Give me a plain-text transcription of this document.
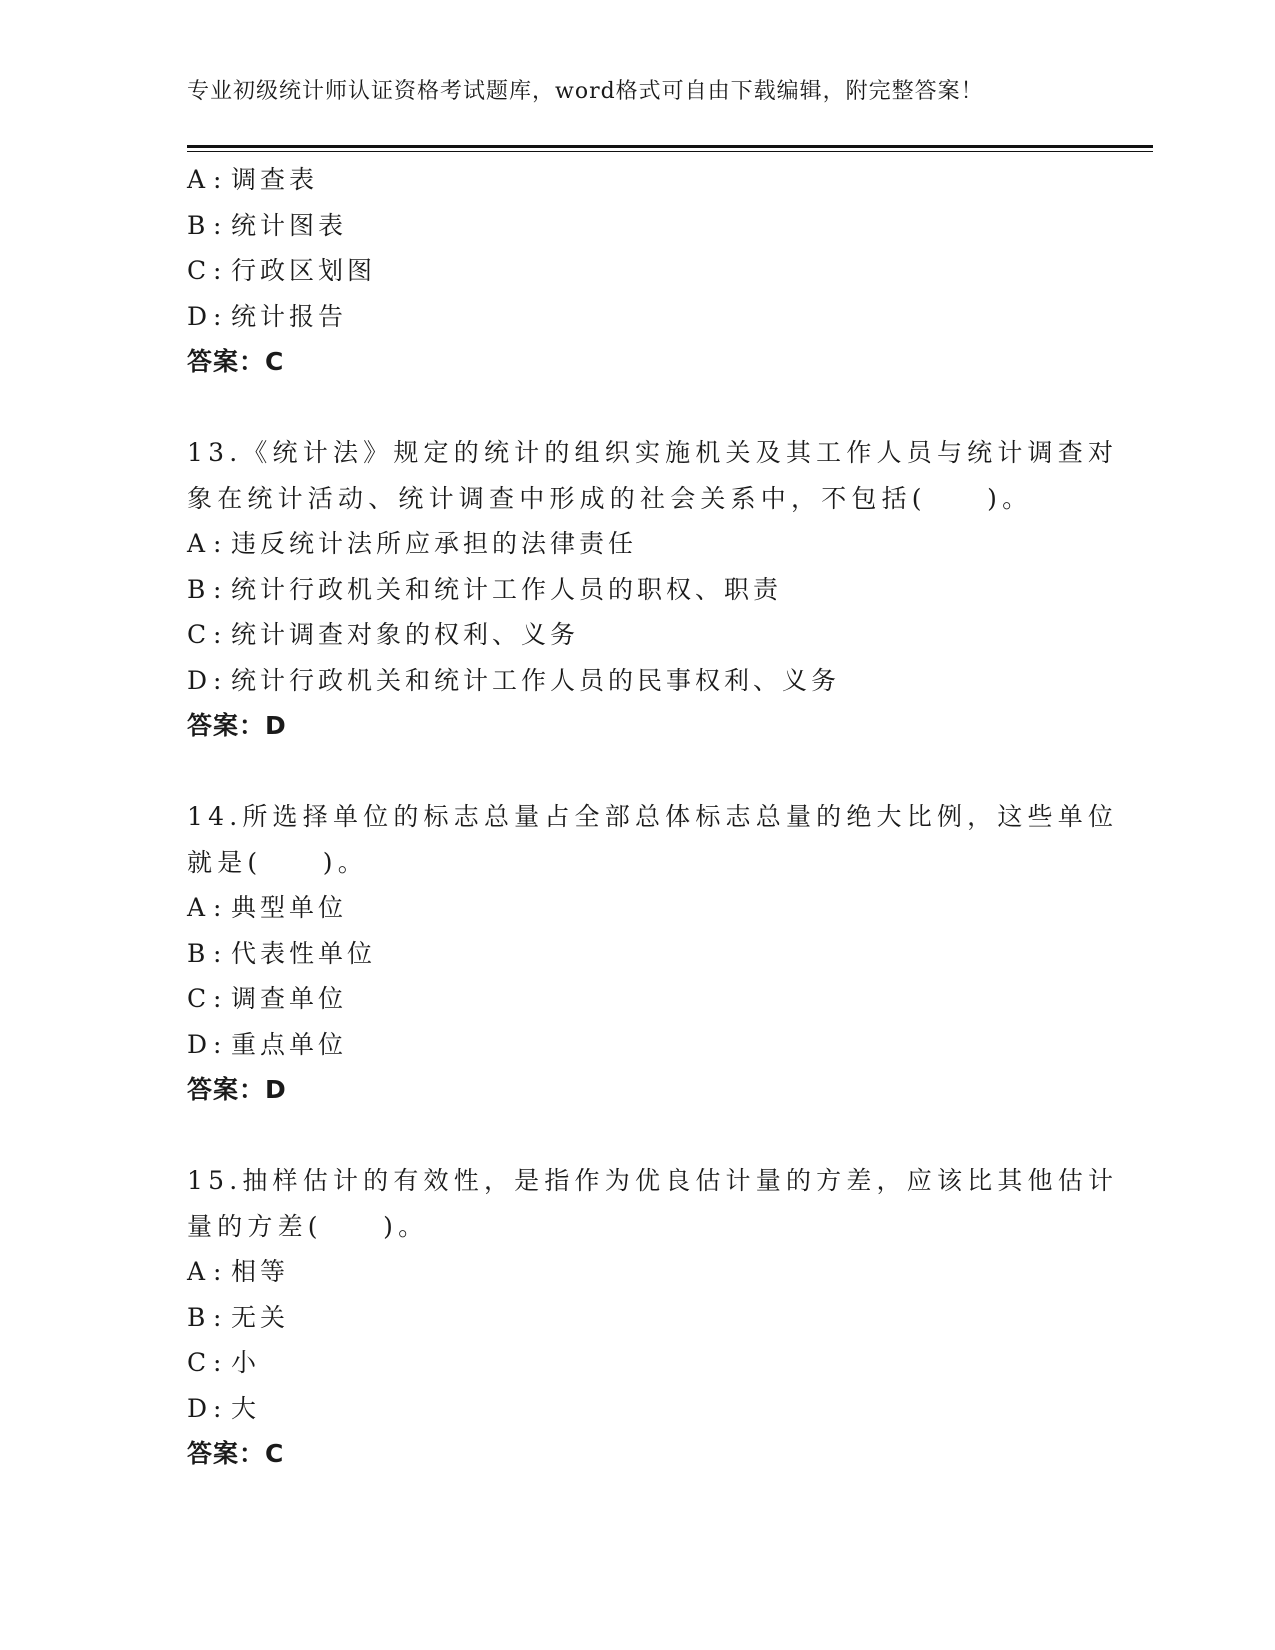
专业初级统计师认证资格考试题库，word格式可自由下载编辑，附完整答案！
A : 调查表
B : 统计图表
C : 行政区划图
D : 统计报告
答案：C
13.《统计法》规定的统计的组织实施机关及其工作人员与统计调查对
象在统计活动、统计调查中形成的社会关系中，不包括(　　)。
A : 违反统计法所应承担的法律责任
B : 统计行政机关和统计工作人员的职权、职责
C : 统计调查对象的权利、义务
D : 统计行政机关和统计工作人员的民事权利、义务
答案：D
14.所选择单位的标志总量占全部总体标志总量的绝大比例，这些单位
就是(　　)。
A : 典型单位
B : 代表性单位
C : 调查单位
D : 重点单位
答案：D
15.抽样估计的有效性，是指作为优良估计量的方差，应该比其他估计
量的方差(　　)。
A : 相等
B : 无关
C : 小
D : 大
答案：C
